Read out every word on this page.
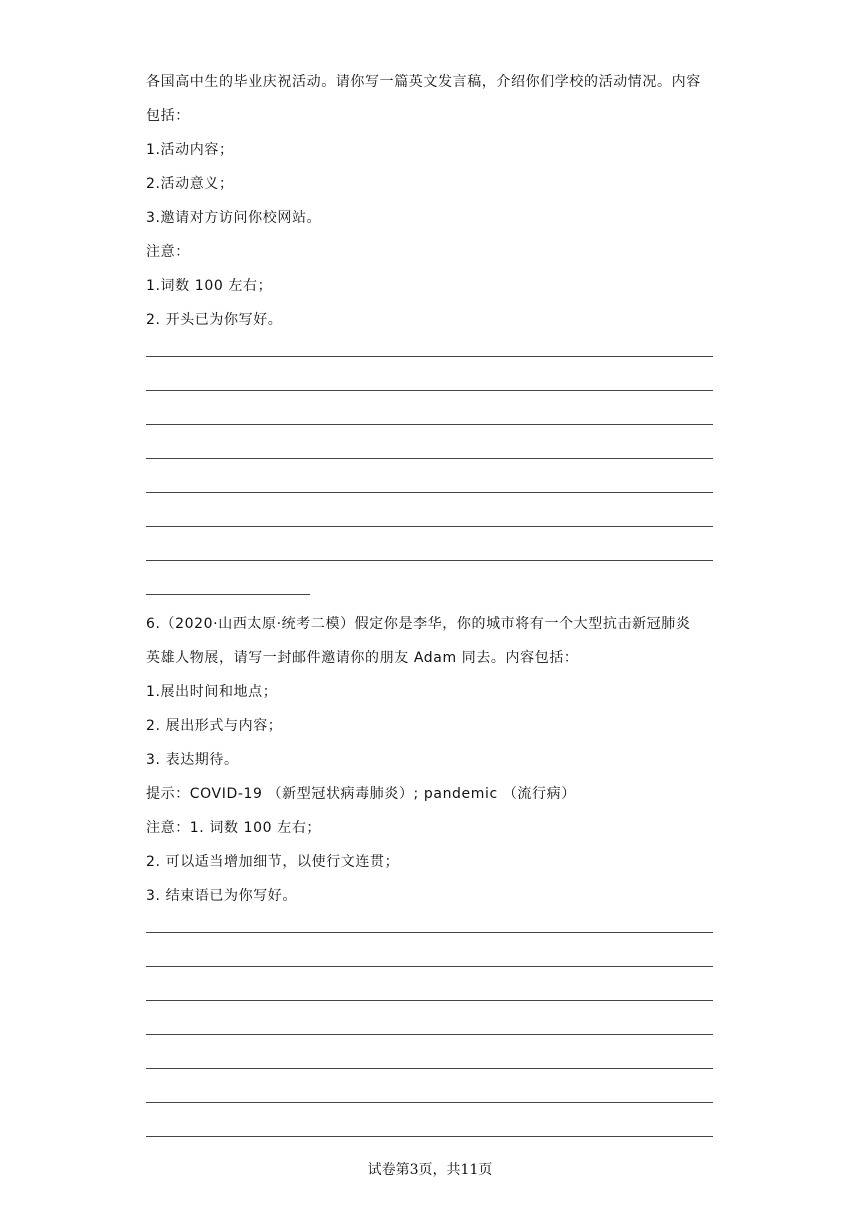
各国高中生的毕业庆祝活动。请你写一篇英文发言稿，介绍你们学校的活动情况。内容
包括：
1.活动内容；
2.活动意义；
3.邀请对方访问你校网站。
注意：
1.词数 100 左右；
2. 开头已为你写好。
6.（2020·山西太原·统考二模）假定你是李华，你的城市将有一个大型抗击新冠肺炎
英雄人物展，请写一封邮件邀请你的朋友 Adam 同去。内容包括：
1.展出时间和地点；
2. 展出形式与内容；
3. 表达期待。
提示：COVID-19 （新型冠状病毒肺炎）; pandemic （流行病）
注意：1. 词数 100 左右；
2. 可以适当增加细节，以使行文连贯；
3. 结束语已为你写好。
试卷第3页，共11页
